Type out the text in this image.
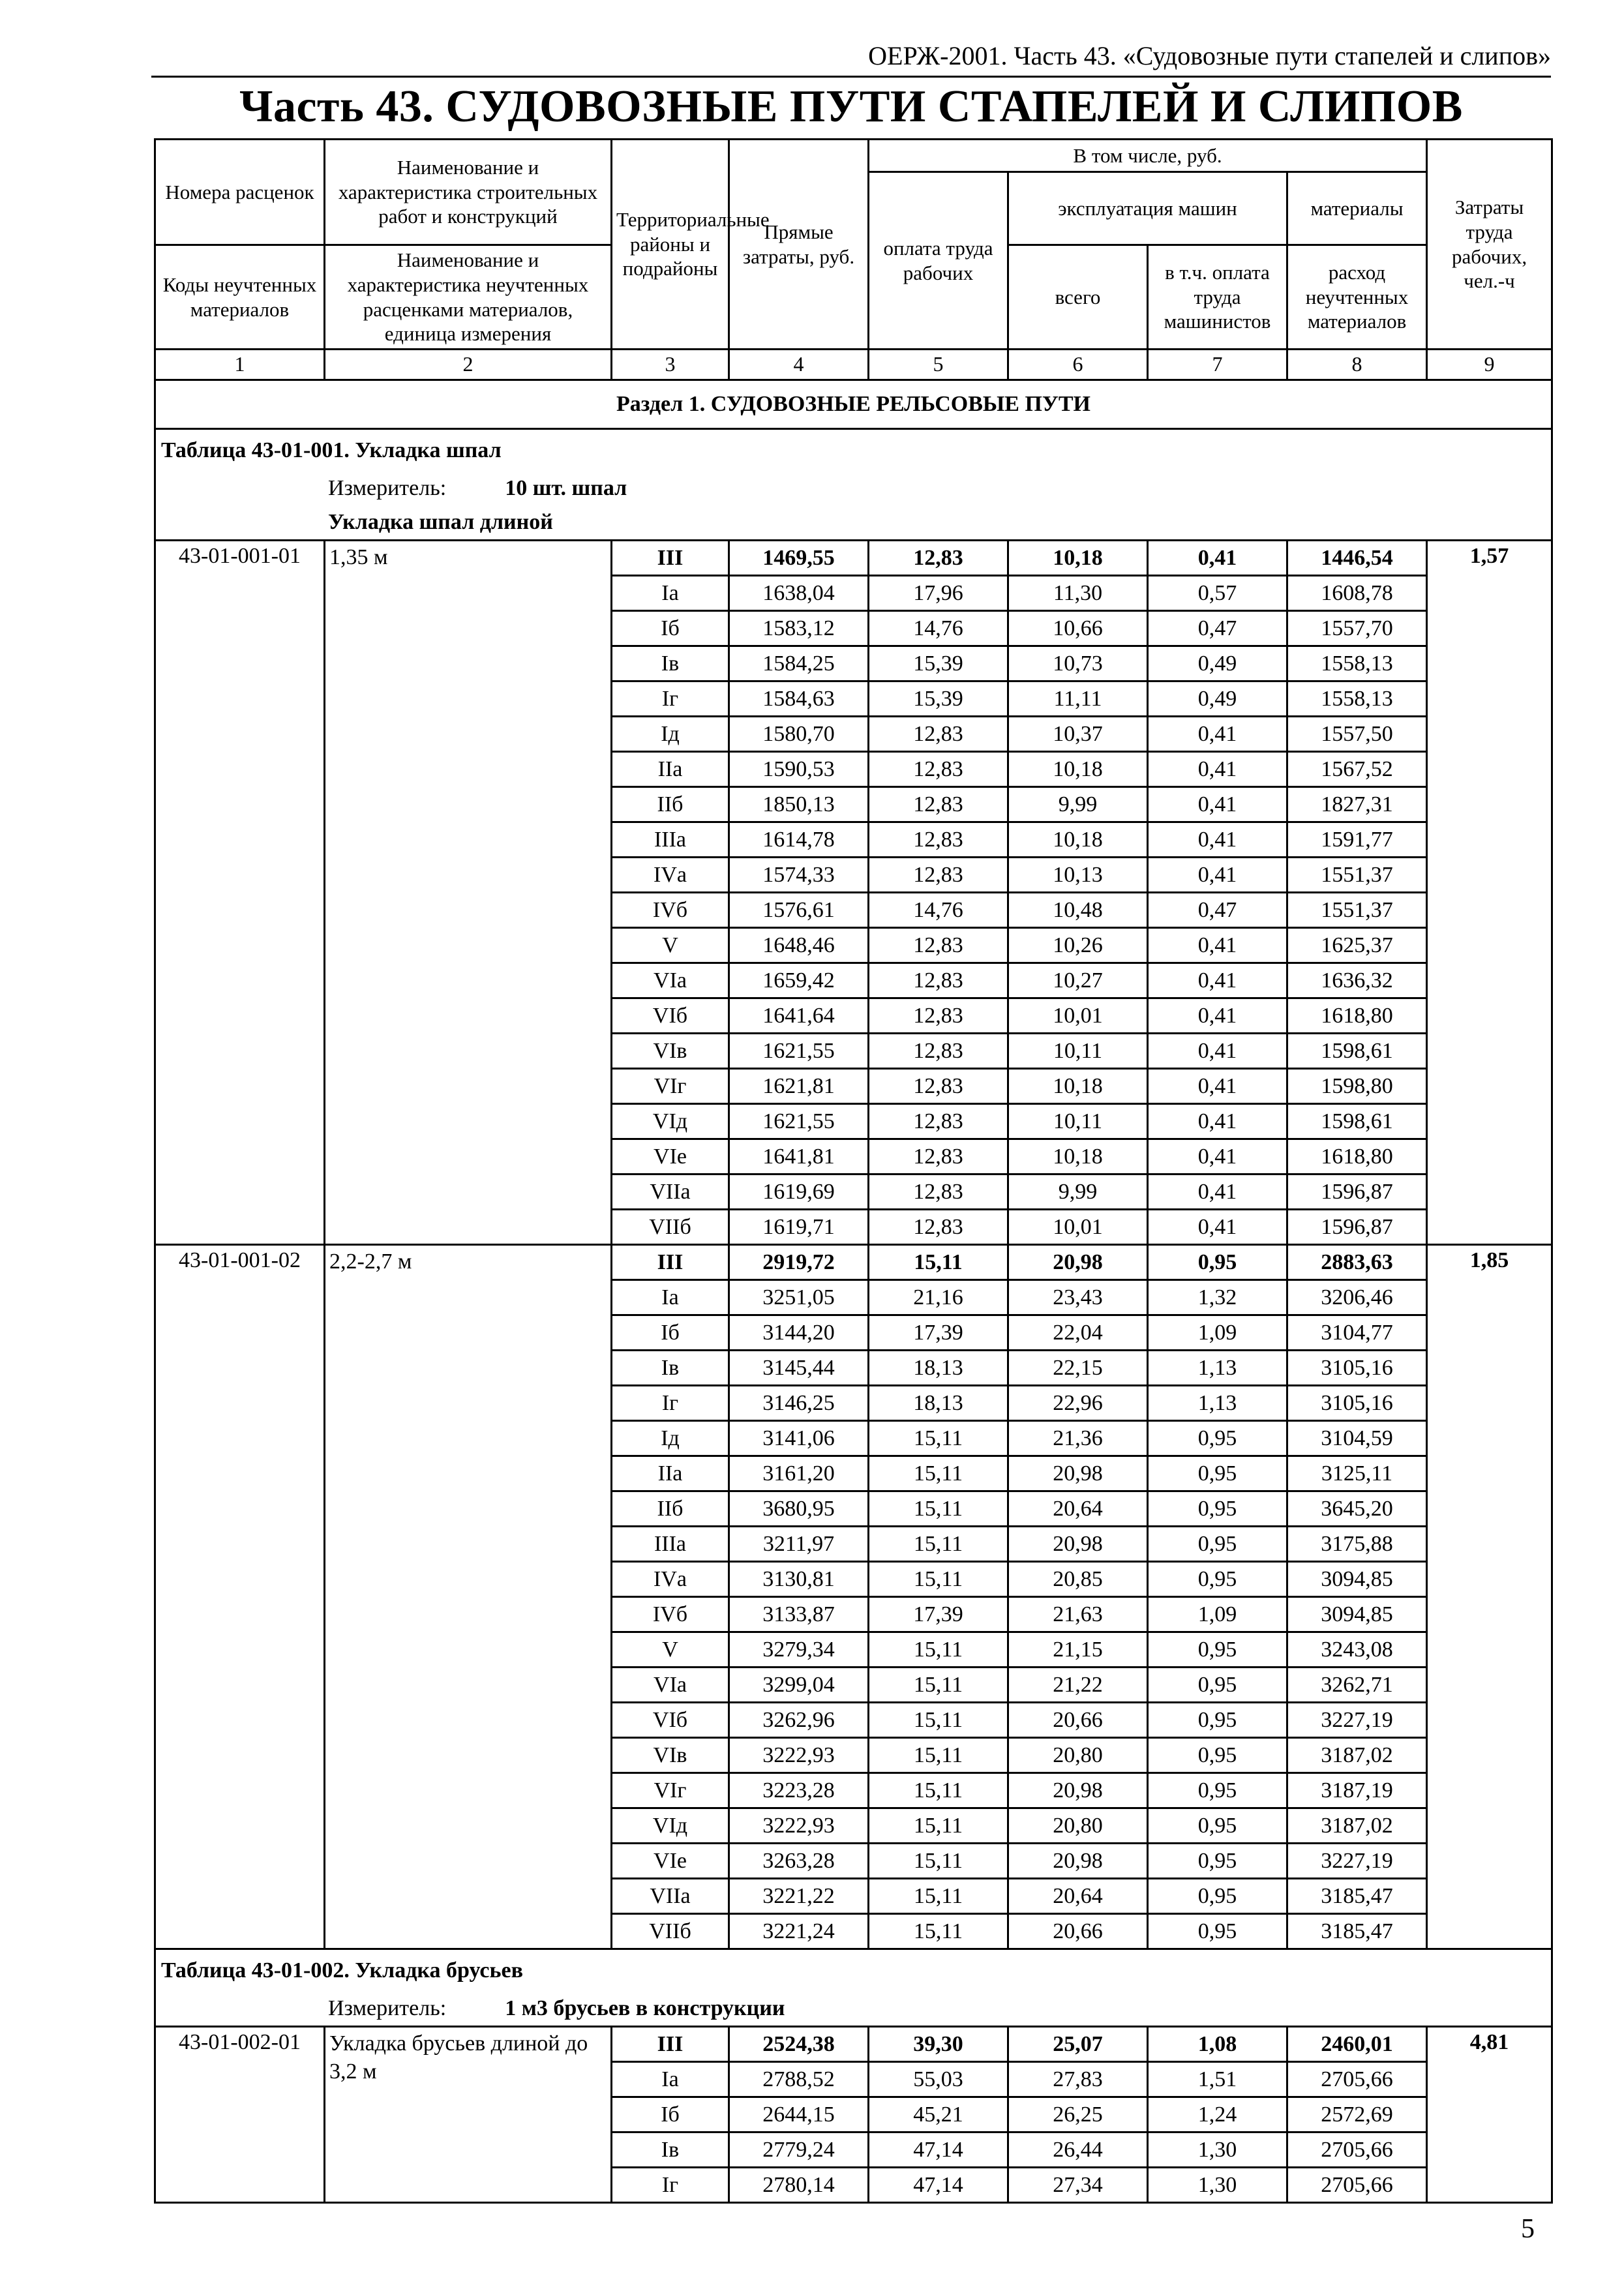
ОЕРЖ-2001. Часть 43. «Судовозные пути стапелей и слипов»
Часть 43. СУДОВОЗНЫЕ ПУТИ СТАПЕЛЕЙ И СЛИПОВ
Номера расценок	Наименование и характеристика строительных работ и конструкций	Территориальные районы и подрайоны	Прямые затраты, руб.	В том числе, руб.				Затраты труда рабочих, чел.-ч
				оплата труда рабочих	эксплуатация машин		материалы	
Коды неучтенных материалов	Наименование и характеристика неучтенных расценками материалов, единица измерения				всего	в т.ч. оплата труда машинистов	расход неучтенных материалов	
1	2	3	4	5	6	7	8	9
Раздел 1. СУДОВОЗНЫЕ РЕЛЬСОВЫЕ ПУТИ								
Таблица 43-01-001. Укладка шпал								
Измеритель: 10 шт. шпал								
Укладка шпал длиной								
43-01-001-01	1,35 м	III	1469,55	12,83	10,18	0,41	1446,54	1,57
		Iа	1638,04	17,96	11,30	0,57	1608,78	
		Iб	1583,12	14,76	10,66	0,47	1557,70	
		Iв	1584,25	15,39	10,73	0,49	1558,13	
		Iг	1584,63	15,39	11,11	0,49	1558,13	
		Iд	1580,70	12,83	10,37	0,41	1557,50	
		IIа	1590,53	12,83	10,18	0,41	1567,52	
		IIб	1850,13	12,83	9,99	0,41	1827,31	
		IIIа	1614,78	12,83	10,18	0,41	1591,77	
		IVа	1574,33	12,83	10,13	0,41	1551,37	
		IVб	1576,61	14,76	10,48	0,47	1551,37	
		V	1648,46	12,83	10,26	0,41	1625,37	
		VIа	1659,42	12,83	10,27	0,41	1636,32	
		VIб	1641,64	12,83	10,01	0,41	1618,80	
		VIв	1621,55	12,83	10,11	0,41	1598,61	
		VIг	1621,81	12,83	10,18	0,41	1598,80	
		VIд	1621,55	12,83	10,11	0,41	1598,61	
		VIе	1641,81	12,83	10,18	0,41	1618,80	
		VIIа	1619,69	12,83	9,99	0,41	1596,87	
		VIIб	1619,71	12,83	10,01	0,41	1596,87	
43-01-001-02	2,2-2,7 м	III	2919,72	15,11	20,98	0,95	2883,63	1,85
		Iа	3251,05	21,16	23,43	1,32	3206,46	
		Iб	3144,20	17,39	22,04	1,09	3104,77	
		Iв	3145,44	18,13	22,15	1,13	3105,16	
		Iг	3146,25	18,13	22,96	1,13	3105,16	
		Iд	3141,06	15,11	21,36	0,95	3104,59	
		IIа	3161,20	15,11	20,98	0,95	3125,11	
		IIб	3680,95	15,11	20,64	0,95	3645,20	
		IIIа	3211,97	15,11	20,98	0,95	3175,88	
		IVа	3130,81	15,11	20,85	0,95	3094,85	
		IVб	3133,87	17,39	21,63	1,09	3094,85	
		V	3279,34	15,11	21,15	0,95	3243,08	
		VIа	3299,04	15,11	21,22	0,95	3262,71	
		VIб	3262,96	15,11	20,66	0,95	3227,19	
		VIв	3222,93	15,11	20,80	0,95	3187,02	
		VIг	3223,28	15,11	20,98	0,95	3187,19	
		VIд	3222,93	15,11	20,80	0,95	3187,02	
		VIе	3263,28	15,11	20,98	0,95	3227,19	
		VIIа	3221,22	15,11	20,64	0,95	3185,47	
		VIIб	3221,24	15,11	20,66	0,95	3185,47	
Таблица 43-01-002. Укладка брусьев								
Измеритель: 1 м3 брусьев в конструкции								
43-01-002-01	Укладка брусьев длиной до 3,2 м	III	2524,38	39,30	25,07	1,08	2460,01	4,81
		Iа	2788,52	55,03	27,83	1,51	2705,66	
		Iб	2644,15	45,21	26,25	1,24	2572,69	
		Iв	2779,24	47,14	26,44	1,30	2705,66	
		Iг	2780,14	47,14	27,34	1,30	2705,66	
5
